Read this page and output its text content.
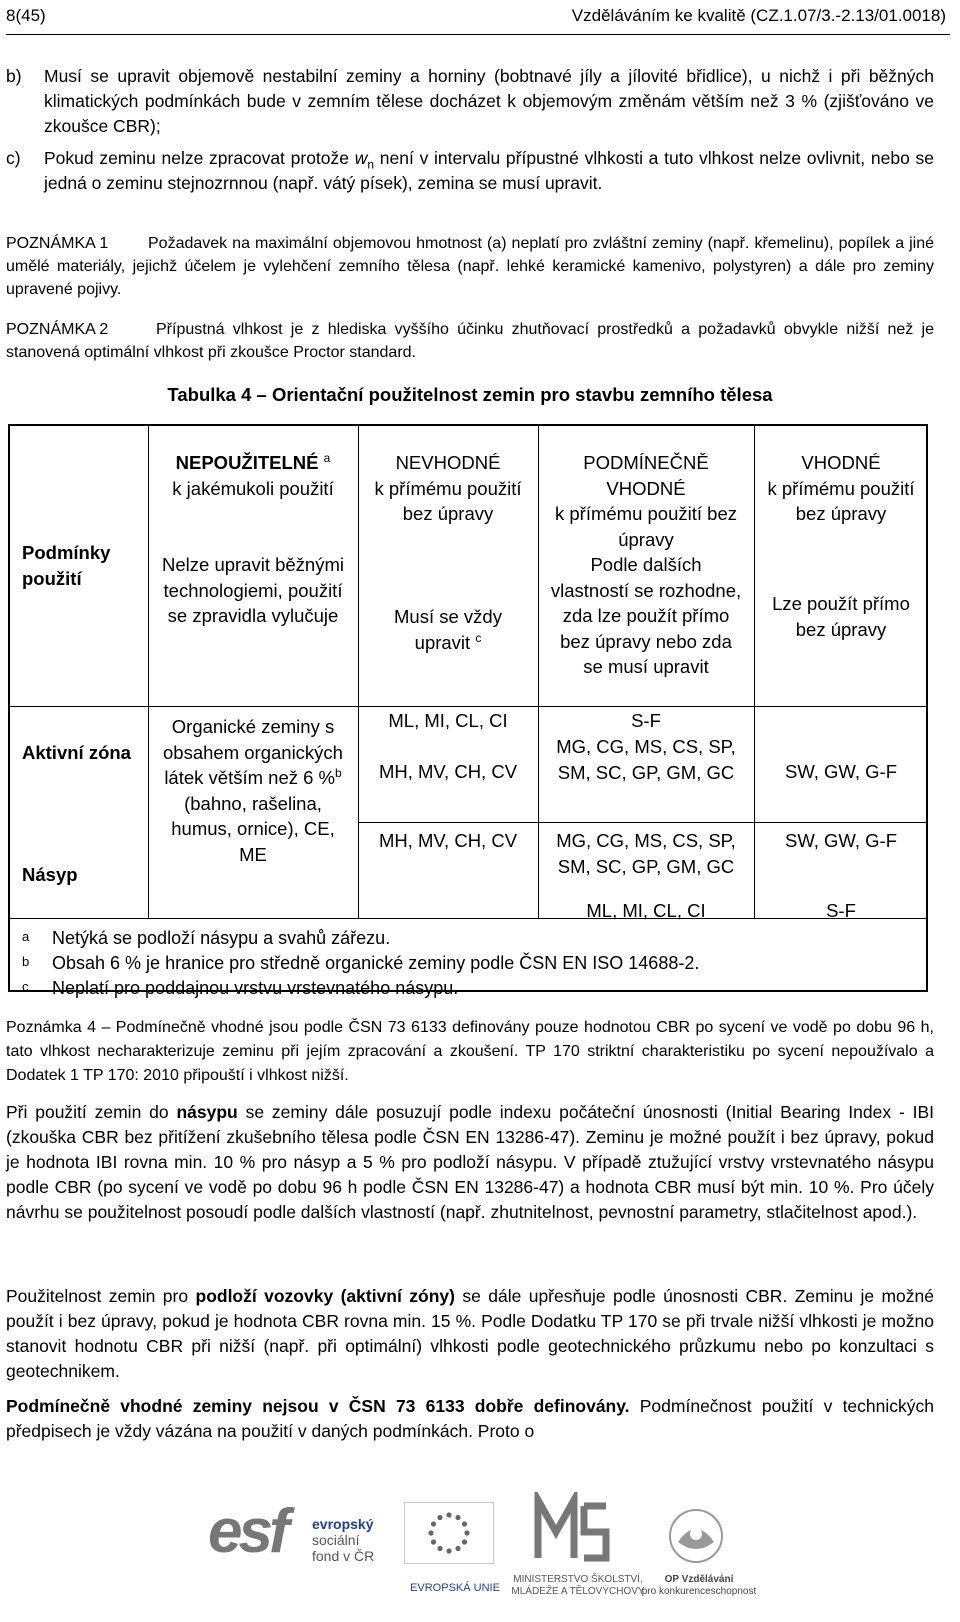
8(45)	Vzděláváním ke kvalitě (CZ.1.07/3.-2.13/01.0018)
b) Musí se upravit objemově nestabilní zeminy a horniny (bobtnavé jíly a jílovité břidlice), u nichž i při běžných klimatických podmínkách bude v zemním tělese docházet k objemovým změnám větším než 3 % (zjišťováno ve zkoušce CBR);
c) Pokud zeminu nelze zpracovat protože $w_n$ není v intervalu přípustné vlhkosti a tuto vlhkost nelze ovlivnit, nebo se jedná o zeminu stejnozrnnou (např. vátý písek), zemina se musí upravit.
POZNÁMKA 1 Požadavek na maximální objemovou hmotnost (a) neplatí pro zvláštní zeminy (např. křemelinu), popílek a jiné umělé materiály, jejichž účelem je vylehčení zemního tělesa (např. lehké keramické kamenivo, polystyren) a dále pro zeminy upravené pojivy.
POZNÁMKA 2	Přípustná vlhkost je z hlediska vyššího účinku zhutňovací prostředků a požadavků obvykle nižší než je stanovená optimální vlhkost při zkoušce Proctor standard.
Tabulka 4 – Orientační použitelnost zemin pro stavbu zemního tělesa
Podmínky použití
Aktivní zóna
Násyp
NEPOUŽITELNÉ $^a$
k jakémukoli použití
Nelze upravit běžnými technologiemi, použití se zpravidla vylučuje
Organické zeminy s obsahem organických látek větším než 6 %$^b$ (bahno, rašelina, humus, ornice), CE, ME
NEVHODNÉ
k přímému použití bez úpravy
Musí se vždy upravit $^c$
ML, MI, CL, CI
MH, MV, CH, CV
MH, MV, CH, CV
PODMÍNEČNĚ VHODNÉ
k přímému použití bez úpravy
Podle dalších vlastností se rozhodne, zda lze použít přímo bez úpravy nebo zda se musí upravit
S-F
MG, CG, MS, CS, SP, SM, SC, GP, GM, GC
MG, CG, MS, CS, SP, SM, SC, GP, GM, GC
ML, MI, CL, CI
VHODNÉ
k přímému použití bez úpravy
Lze použít přímo bez úpravy
SW, GW, G-F
SW, GW, G-F
S-F
a Netýká se podloží násypu a svahů zářezu.
b Obsah 6 % je hranice pro středně organické zeminy podle ČSN EN ISO 14688-2.
c Neplatí pro poddajnou vrstvu vrstevnatého násypu.
Poznámka 4 – Podmínečně vhodné jsou podle ČSN 73 6133 definovány pouze hodnotou CBR po sycení ve vodě po dobu 96 h, tato vlhkost necharakterizuje zeminu při jejím zpracování a zkoušení. TP 170 striktní charakteristiku po sycení nepoužívalo a Dodatek 1 TP 170: 2010 připouští i vlhkost nižší.
Při použití zemin do násypu se zeminy dále posuzují podle indexu počáteční únosnosti (Initial Bearing Index - IBI (zkouška CBR bez přitížení zkušebního tělesa podle ČSN EN 13286-47). Zeminu je možné použít i bez úpravy, pokud je hodnota IBI rovna min. 10 % pro násyp a 5 % pro podloží násypu. V případě ztužující vrstvy vrstevnatého násypu podle CBR (po sycení ve vodě po dobu 96 h podle ČSN EN 13286-47) a hodnota CBR musí být min. 10 %. Pro účely návrhu se použitelnost posoudí podle dalších vlastností (např. zhutnitelnost, pevnostní parametry, stlačitelnost apod.).
Použitelnost zemin pro podloží vozovky (aktivní zóny) se dále upřesňuje podle únosnosti CBR. Zeminu je možné použít i bez úpravy, pokud je hodnota CBR rovna min. 15 %. Podle Dodatku TP 170 se při trvale nižší vlhkosti je možno stanovit hodnotu CBR při nižší (např. při optimální) vlhkosti podle geotechnického průzkumu nebo po konzultaci s geotechnikem.
Podmínečně vhodné zeminy nejsou v ČSN 73 6133 dobře definovány. Podmínečnost použití v technických předpisech je vždy vázána na použití v daných podmínkách. Proto o
esf evropský
sociální
fond v ČR
EVROPSKÁ UNIE
MINISTERSTVO ŠKOLSTVÍ,
MLÁDEŽE A TĚLOVÝCHOVY
OP Vzdělávání
pro konkurenceschopnost
